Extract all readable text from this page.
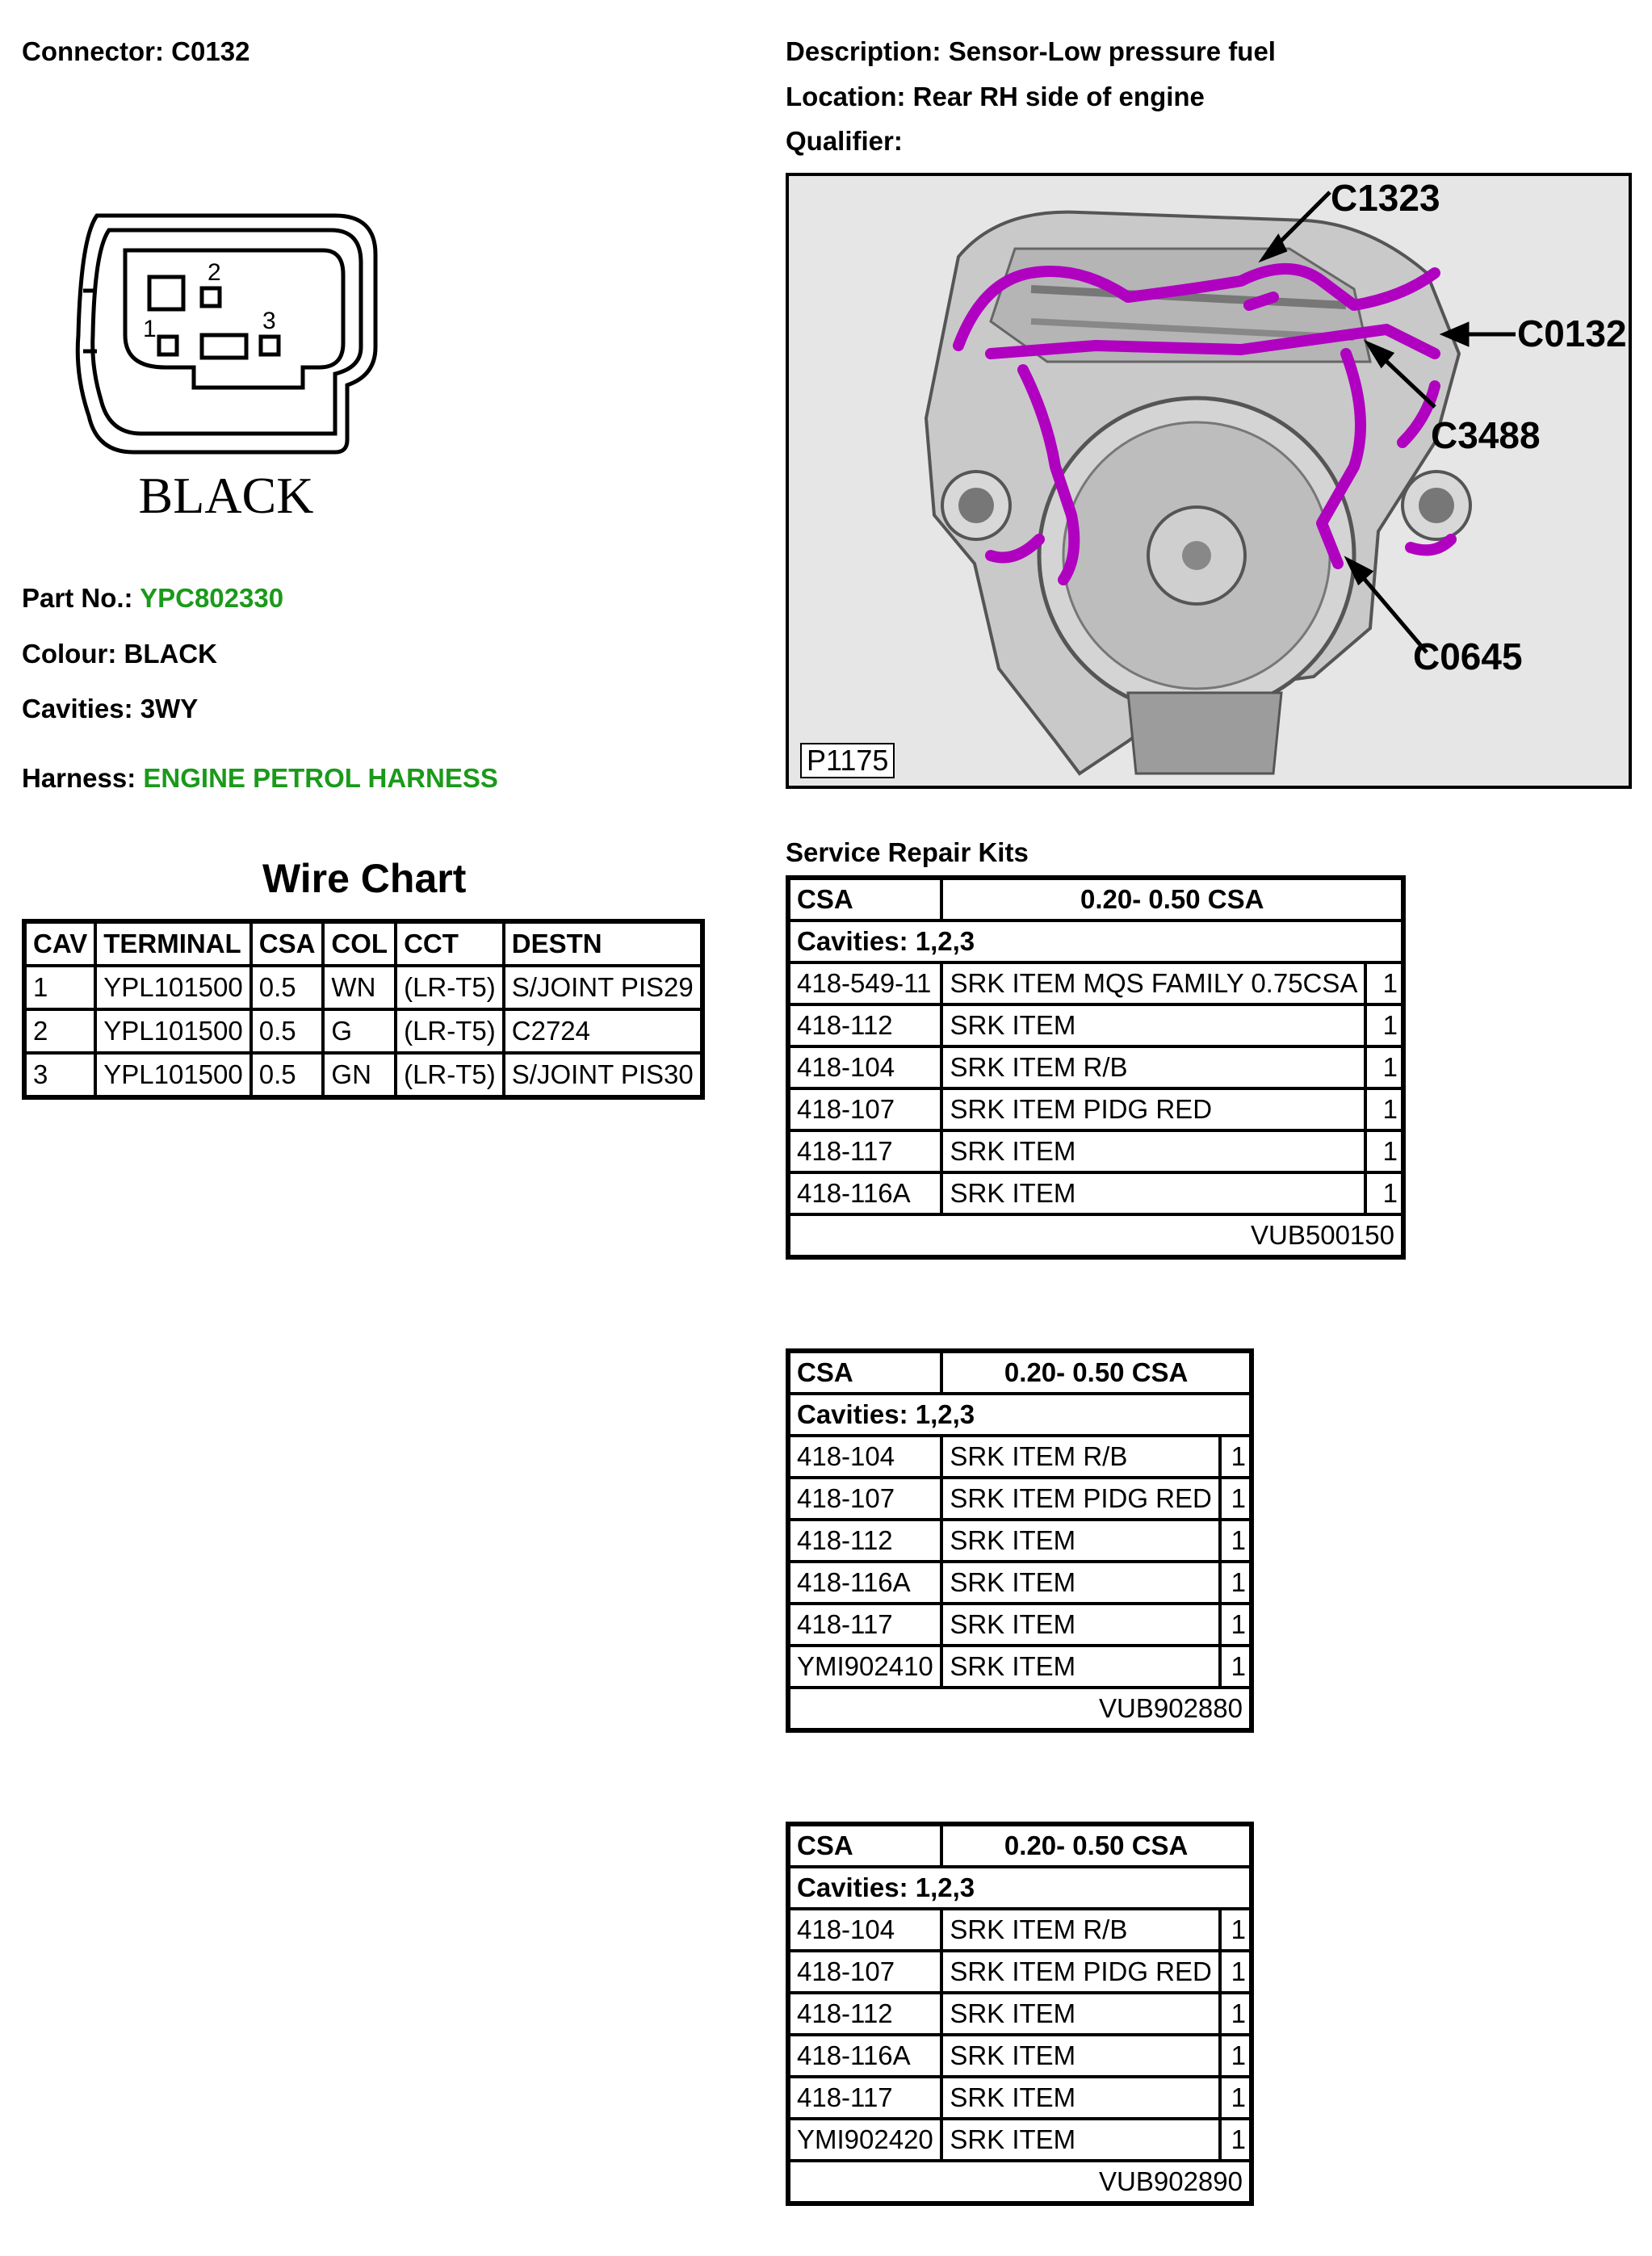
Connector: C0132
1
2
3
BLACK
Part No.: YPC802330
Colour: BLACK
Cavities: 3WY
Harness: ENGINE PETROL HARNESS
Wire Chart
CAV	TERMINAL	CSA	COL	CCT	DESTN
1	YPL101500	0.5	WN	(LR-T5)	S/JOINT PIS29
2	YPL101500	0.5	G	(LR-T5)	C2724
3	YPL101500	0.5	GN	(LR-T5)	S/JOINT PIS30
Description: Sensor-Low pressure fuel
Location: Rear RH side of engine
Qualifier:
C1323
C0132
C3488
C0645
P1175
Service Repair Kits
CSA	0.20- 0.50 CSA	
Cavities: 1,2,3		
418-549-11	SRK ITEM MQS FAMILY 0.75CSA	1
418-112	SRK ITEM	1
418-104	SRK ITEM R/B	1
418-107	SRK ITEM PIDG RED	1
418-117	SRK ITEM	1
418-116A	SRK ITEM	1
VUB500150		
CSA	0.20- 0.50 CSA	
Cavities: 1,2,3		
418-104	SRK ITEM R/B	1
418-107	SRK ITEM PIDG RED	1
418-112	SRK ITEM	1
418-116A	SRK ITEM	1
418-117	SRK ITEM	1
YMI902410	SRK ITEM	1
VUB902880		
CSA	0.20- 0.50 CSA	
Cavities: 1,2,3		
418-104	SRK ITEM R/B	1
418-107	SRK ITEM PIDG RED	1
418-112	SRK ITEM	1
418-116A	SRK ITEM	1
418-117	SRK ITEM	1
YMI902420	SRK ITEM	1
VUB902890		
